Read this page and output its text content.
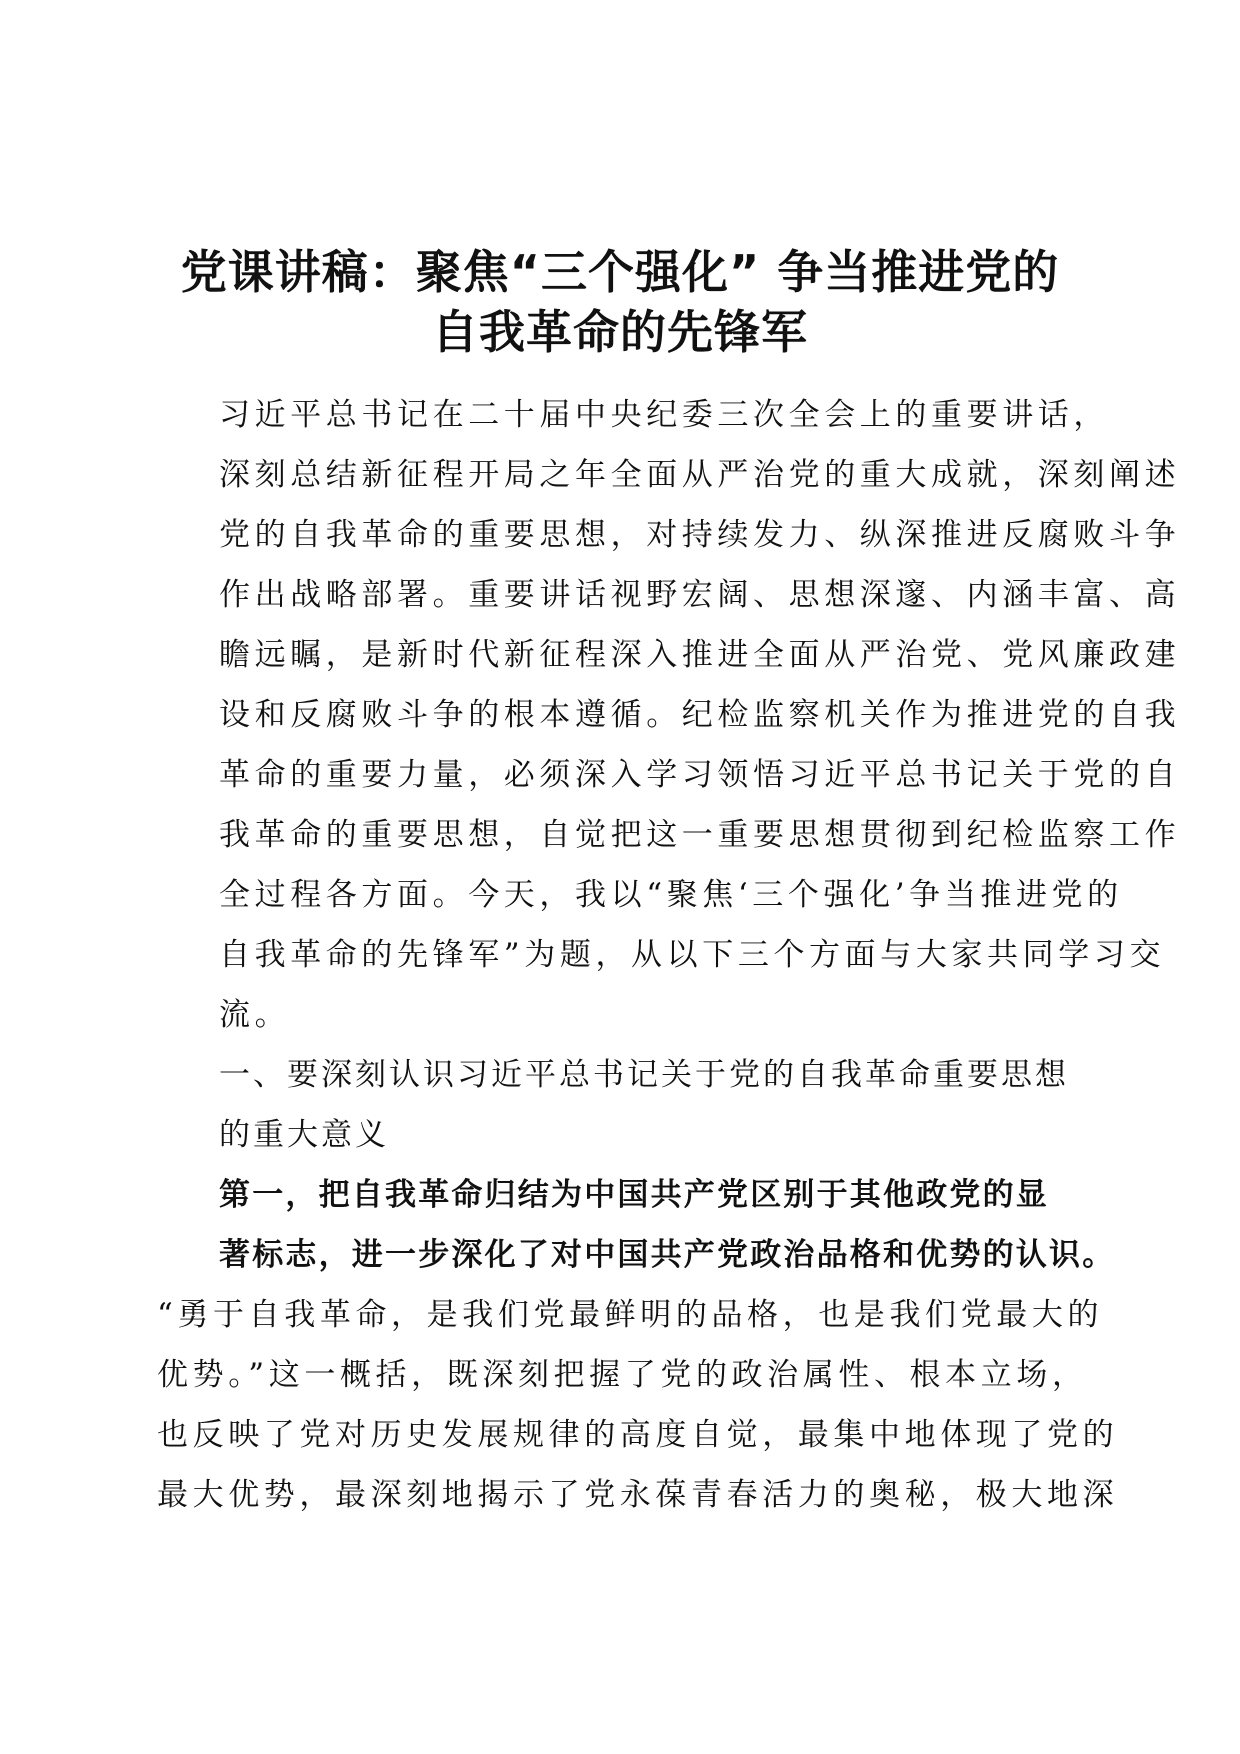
党课讲稿：聚焦“三个强化” 争当推进党的
自我革命的先锋军

习近平总书记在二十届中央纪委三次全会上的重要讲话，
深刻总结新征程开局之年全面从严治党的重大成就，深刻阐述
党的自我革命的重要思想，对持续发力、纵深推进反腐败斗争
作出战略部署。重要讲话视野宏阔、思想深邃、内涵丰富、高
瞻远瞩，是新时代新征程深入推进全面从严治党、党风廉政建
设和反腐败斗争的根本遵循。纪检监察机关作为推进党的自我
革命的重要力量，必须深入学习领悟习近平总书记关于党的自
我革命的重要思想，自觉把这一重要思想贯彻到纪检监察工作
全过程各方面。今天，我以“聚焦‘三个强化’争当推进党的
自我革命的先锋军”为题，从以下三个方面与大家共同学习交
流。

一、要深刻认识习近平总书记关于党的自我革命重要思想
的重大意义

第一，把自我革命归结为中国共产党区别于其他政党的显
著标志，进一步深化了对中国共产党政治品格和优势的认识。

“勇于自我革命，是我们党最鲜明的品格，也是我们党最大的
优势。”这一概括，既深刻把握了党的政治属性、根本立场，
也反映了党对历史发展规律的高度自觉，最集中地体现了党的
最大优势，最深刻地揭示了党永葆青春活力的奥秘，极大地深
